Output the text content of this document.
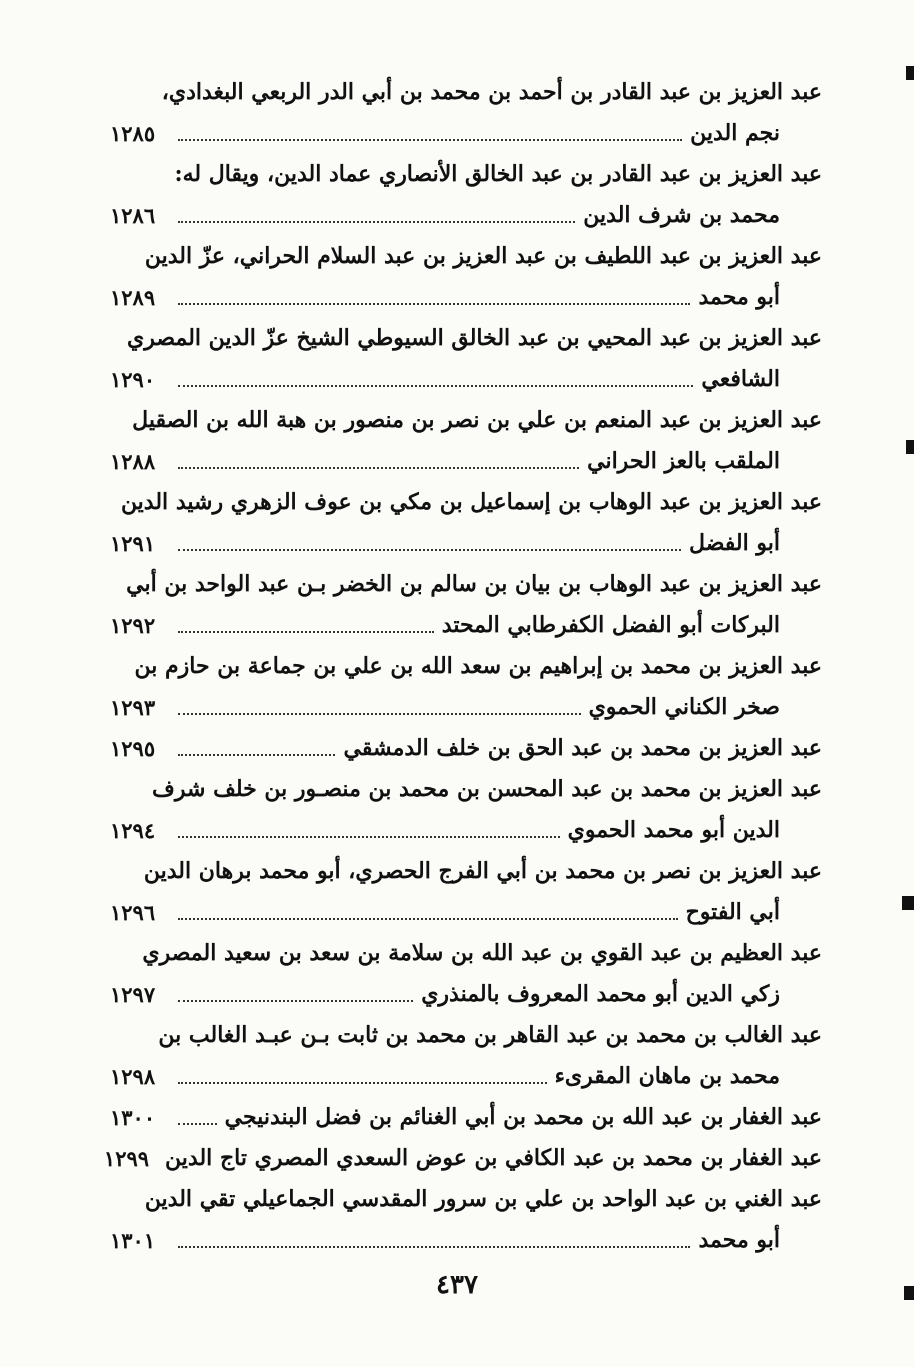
عبد العزيز بن عبد القادر بن أحمد بن محمد بن أبي الدر الربعي البغدادي،
نجم الدين
١٢٨٥
عبد العزيز بن عبد القادر بن عبد الخالق الأنصاري عماد الدين، ويقال له:
محمد بن شرف الدين
١٢٨٦
عبد العزيز بن عبد اللطيف بن عبد العزيز بن عبد السلام الحراني، عزّ الدين
أبو محمد
١٢٨٩
عبد العزيز بن عبد المحيي بن عبد الخالق السيوطي الشيخ عزّ الدين المصري
الشافعي
١٢٩٠
عبد العزيز بن عبد المنعم بن علي بن نصر بن منصور بن هبة الله بن الصقيل
الملقب بالعز الحراني
١٢٨٨
عبد العزيز بن عبد الوهاب بن إسماعيل بن مكي بن عوف الزهري رشيد الدين
أبو الفضل
١٢٩١
عبد العزيز بن عبد الوهاب بن بيان بن سالم بن الخضر بـن عبد الواحد بن أبي
البركات أبو الفضل الكفرطابي المحتد
١٢٩٢
عبد العزيز بن محمد بن إبراهيم بن سعد الله بن علي بن جماعة بن حازم بن
صخر الكناني الحموي
١٢٩٣
عبد العزيز بن محمد بن عبد الحق بن خلف الدمشقي
١٢٩٥
عبد العزيز بن محمد بن عبد المحسن بن محمد بن منصـور بن خلف شرف
الدين أبو محمد الحموي
١٢٩٤
عبد العزيز بن نصر بن محمد بن أبي الفرج الحصري، أبو محمد برهان الدين
أبي الفتوح
١٢٩٦
عبد العظيم بن عبد القوي بن عبد الله بن سلامة بن سعد بن سعيد المصري
زكي الدين أبو محمد المعروف بالمنذري
١٢٩٧
عبد الغالب بن محمد بن عبد القاهر بن محمد بن ثابت بـن عبـد الغالب بن
محمد بن ماهان المقرىء
١٢٩٨
عبد الغفار بن عبد الله بن محمد بن أبي الغنائم بن فضل البندنيجي
١٣٠٠
عبد الغفار بن محمد بن عبد الكافي بن عوض السعدي المصري تاج الدين
١٢٩٩
عبد الغني بن عبد الواحد بن علي بن سرور المقدسي الجماعيلي تقي الدين
أبو محمد
١٣٠١
٤٣٧
